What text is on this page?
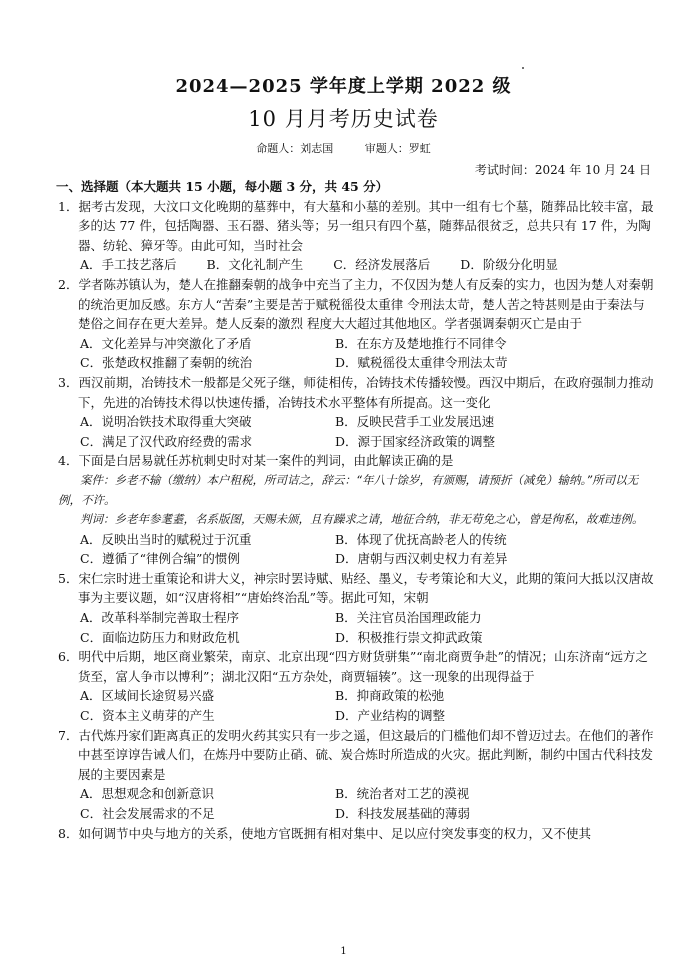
2024—2025 学年度上学期 2022 级
10 月月考历史试卷
命题人：刘志国	审题人：罗虹
考试时间：2024 年 10 月 24 日
一、选择题（本大题共 15 小题，每小题 3 分，共 45 分）
1．据考古发现，大汶口文化晚期的墓葬中，有大墓和小墓的差别。其中一组有七个墓，随葬品比较丰富，最多的达 77 件，包括陶器、玉石器、猪头等；另一组只有四个墓，随葬品很贫乏，总共只有 17 件，为陶器、纺轮、獐牙等。由此可知，当时社会
A．手工技艺落后 B．文化礼制产生 C．经济发展落后 D．阶级分化明显
2．学者陈苏镇认为，楚人在推翻秦朝的战争中充当了主力，不仅因为楚人有反秦的实力，也因为楚人对秦朝的统治更加反感。东方人“苦秦”主要是苦于赋税徭役太重律 令刑法太苛，楚人苦之特甚则是由于秦法与楚俗之间存在更大差异。楚人反秦的激烈 程度大大超过其他地区。学者强调秦朝灭亡是由于
A．文化差异与冲突激化了矛盾	B．在东方及楚地推行不同律令
C．张楚政权推翻了秦朝的统治	D．赋税徭役太重律令刑法太苛
3．西汉前期，冶铸技术一般都是父死子继，师徒相传，冶铸技术传播较慢。西汉中期后，在政府强制力推动下，先进的冶铸技术得以快速传播，冶铸技术水平整体有所提高。这一变化
A．说明冶铁技术取得重大突破	B．反映民营手工业发展迅速
C．满足了汉代政府经费的需求	D．源于国家经济政策的调整
4．下面是白居易就任苏杭刺史时对某一案件的判词，由此解读正确的是
案件：乡老不输（缴纳）本户租税，所司诘之，辞云：“年八十馀岁，有颁赐，请预折（减免）输纳。”所司以无例，不许。
判词：乡老年参耄耋，名系版图，天赐未颁，且有躁求之请，地征合纳，非无苟免之心，曾是徇私，故难违例。
A．反映出当时的赋税过于沉重	B．体现了优抚高龄老人的传统
C．遵循了“律例合编”的惯例	D．唐朝与西汉刺史权力有差异
5．宋仁宗时进士重策论和讲大义，神宗时罢诗赋、贴经、墨义，专考策论和大义，此期的策问大抵以汉唐故事为主要议题，如“汉唐将相”“唐始终治乱”等。据此可知，宋朝
A．改革科举制完善取士程序	B．关注官员治国理政能力
C．面临边防压力和财政危机	D．积极推行崇文抑武政策
6．明代中后期，地区商业繁荣，南京、北京出现“四方财货骈集”“南北商贾争赴”的情况；山东济南“远方之货至，富人争市以博利”；湖北汉阳“五方杂处，商贾辐辏”。这一现象的出现得益于
A．区域间长途贸易兴盛	B．抑商政策的松弛
C．资本主义萌芽的产生	D．产业结构的调整
7．古代炼丹家们距离真正的发明火药其实只有一步之遥，但这最后的门槛他们却不曾迈过去。在他们的著作中甚至谆谆告诫人们，在炼丹中要防止硝、硫、炭合炼时所造成的火灾。据此判断，制约中国古代科技发展的主要因素是
A．思想观念和创新意识	B．统治者对工艺的漠视
C．社会发展需求的不足	D．科技发展基础的薄弱
8．如何调节中央与地方的关系，使地方官既拥有相对集中、足以应付突发事变的权力，又不使其
1
